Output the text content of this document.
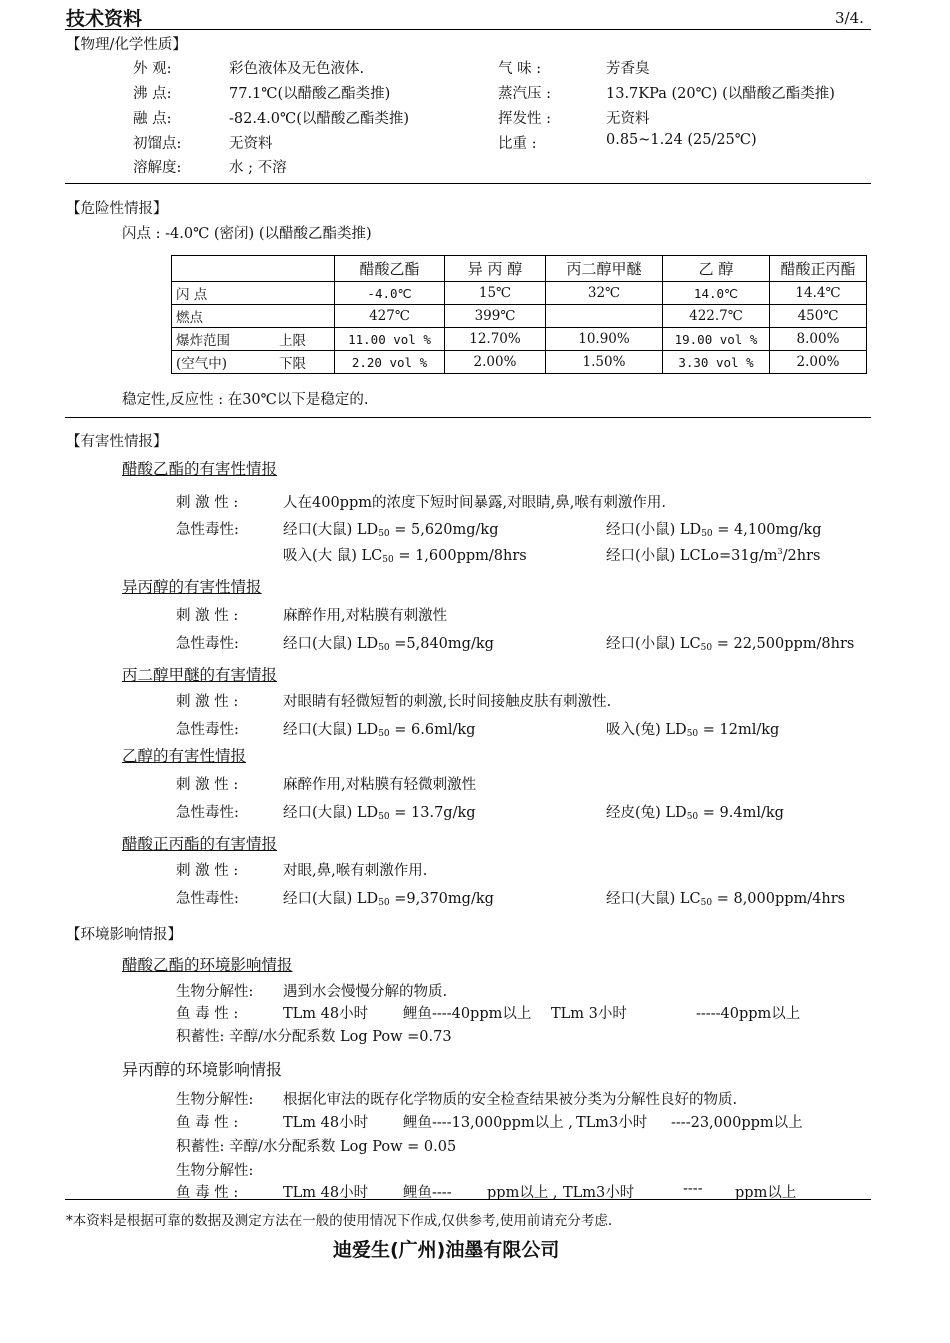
技术资料	3/4.
【物理/化学性质】
外 观:	彩色液体及无色液体.	气 味 :	芳香臭
沸 点:	77.1℃(以醋酸乙酯类推)	蒸汽压 :	13.7KPa (20℃) (以醋酸乙酯类推)
融 点:	-82.4.0℃(以醋酸乙酯类推)	挥发性 :	无资料
初馏点:	无资料	比重 :	0.85~1.24 (25/25℃)
溶解度:	水 ; 不溶
【危险性情报】
闪点 : -4.0℃ (密闭) (以醋酸乙酯类推)
		醋酸乙酯	异 丙 醇	丙二醇甲醚	乙 醇	醋酸正丙酯
闪 点		-4.0℃	15℃	32℃	14.0℃	14.4℃
燃点		427℃	399℃		422.7℃	450℃
爆炸范围	上限	11.00 vol %	12.70%	10.90%	19.00 vol %	8.00%
(空气中)	下限	2.20 vol %	2.00%	1.50%	3.30 vol %	2.00%
稳定性,反应性 : 在30℃以下是稳定的.
【有害性情报】
醋酸乙酯的有害性情报
刺 激 性 :	人在400ppm的浓度下短时间暴露,对眼睛,鼻,喉有刺激作用.
急性毒性:	经口(大鼠) $LD_{50} = 5,620mg/kg$	经口(小鼠) $LD_{50} = 4,100mg/kg$
吸入(大 鼠) $LC_{50} = 1,600ppm/8hrs$	经口(小鼠) $LCLo=31g/m^3/2hrs$
异丙醇的有害性情报
刺 激 性 :	麻醉作用,对粘膜有刺激性
急性毒性:	经口(大鼠) $LD_{50} =5,840mg/kg$	经口(小鼠) $LC_{50} = 22,500ppm/8hrs$
丙二醇甲醚的有害情报
刺 激 性 :	对眼睛有轻微短暂的刺激,长时间接触皮肤有刺激性.
急性毒性:	经口(大鼠) $LD_{50} = 6.6ml/kg$	吸入(兔) $LD_{50} = 12ml/kg$
乙醇的有害性情报
刺 激 性 :	麻醉作用,对粘膜有轻微刺激性
急性毒性:	经口(大鼠) $LD_{50} = 13.7g/kg$	经皮(兔) $LD_{50} = 9.4ml/kg$
醋酸正丙酯的有害情报
刺 激 性 :	对眼,鼻,喉有刺激作用.
急性毒性:	经口(大鼠) $LD_{50} =9,370mg/kg$	经口(大鼠) $LC_{50} = 8,000ppm/4hrs$
【环境影响情报】
醋酸乙酯的环境影响情报
生物分解性: 遇到水会慢慢分解的物质.
鱼 毒 性 :	TLm 48小时 鲤鱼----40ppm以上 TLm 3小时	-----40ppm以上
积蓄性: 辛醇/水分配系数 Log Pow =0.73
异丙醇的环境影响情报
生物分解性: 根据化审法的既存化学物质的安全检查结果被分类为分解性良好的物质.
鱼 毒 性 :	TLm 48小时 鲤鱼----13,000ppm以上 , TLm3小时 ----23,000ppm以上
积蓄性: 辛醇/水分配系数 Log Pow = 0.05
生物分解性:
鱼 毒 性 :	TLm 48小时 鲤鱼---- ppm以上 , TLm3小时	---- ppm以上
*本资料是根据可靠的数据及测定方法在一般的使用情况下作成,仅供参考,使用前请充分考虑.
迪爱生(广州)油墨有限公司
